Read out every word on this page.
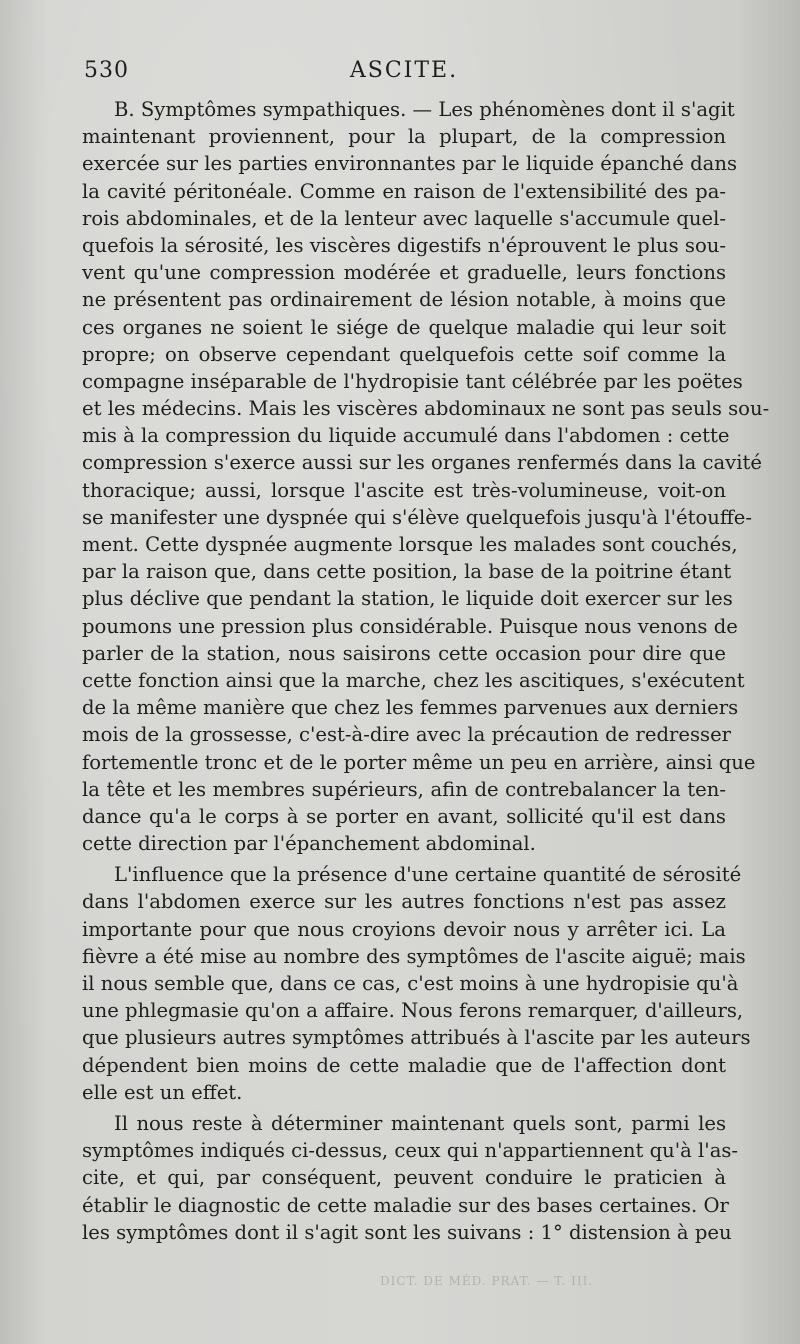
530	ASCITE.
B. Symptômes sympathiques. — Les phénomènes dont il s'agit
maintenant proviennent, pour la plupart, de la compression
exercée sur les parties environnantes par le liquide épanché dans
la cavité péritonéale. Comme en raison de l'extensibilité des pa-
rois abdominales, et de la lenteur avec laquelle s'accumule quel-
quefois la sérosité, les viscères digestifs n'éprouvent le plus sou-
vent qu'une compression modérée et graduelle, leurs fonctions
ne présentent pas ordinairement de lésion notable, à moins que
ces organes ne soient le siége de quelque maladie qui leur soit
propre; on observe cependant quelquefois cette soif comme la
compagne inséparable de l'hydropisie tant célébrée par les poëtes
et les médecins. Mais les viscères abdominaux ne sont pas seuls sou-
mis à la compression du liquide accumulé dans l'abdomen : cette
compression s'exerce aussi sur les organes renfermés dans la cavité
thoracique; aussi, lorsque l'ascite est très-volumineuse, voit-on
se manifester une dyspnée qui s'élève quelquefois jusqu'à l'étouffe-
ment. Cette dyspnée augmente lorsque les malades sont couchés,
par la raison que, dans cette position, la base de la poitrine étant
plus déclive que pendant la station, le liquide doit exercer sur les
poumons une pression plus considérable. Puisque nous venons de
parler de la station, nous saisirons cette occasion pour dire que
cette fonction ainsi que la marche, chez les ascitiques, s'exécutent
de la même manière que chez les femmes parvenues aux derniers
mois de la grossesse, c'est-à-dire avec la précaution de redresser
fortementle tronc et de le porter même un peu en arrière, ainsi que
la tête et les membres supérieurs, afin de contrebalancer la ten-
dance qu'a le corps à se porter en avant, sollicité qu'il est dans
cette direction par l'épanchement abdominal.
L'influence que la présence d'une certaine quantité de sérosité
dans l'abdomen exerce sur les autres fonctions n'est pas assez
importante pour que nous croyions devoir nous y arrêter ici. La
fièvre a été mise au nombre des symptômes de l'ascite aiguë; mais
il nous semble que, dans ce cas, c'est moins à une hydropisie qu'à
une phlegmasie qu'on a affaire. Nous ferons remarquer, d'ailleurs,
que plusieurs autres symptômes attribués à l'ascite par les auteurs
dépendent bien moins de cette maladie que de l'affection dont
elle est un effet.
Il nous reste à déterminer maintenant quels sont, parmi les
symptômes indiqués ci-dessus, ceux qui n'appartiennent qu'à l'as-
cite, et qui, par conséquent, peuvent conduire le praticien à
établir le diagnostic de cette maladie sur des bases certaines. Or
les symptômes dont il s'agit sont les suivans : 1° distension à peu
DICT. DE MÉD. PRAT. — T. III.
